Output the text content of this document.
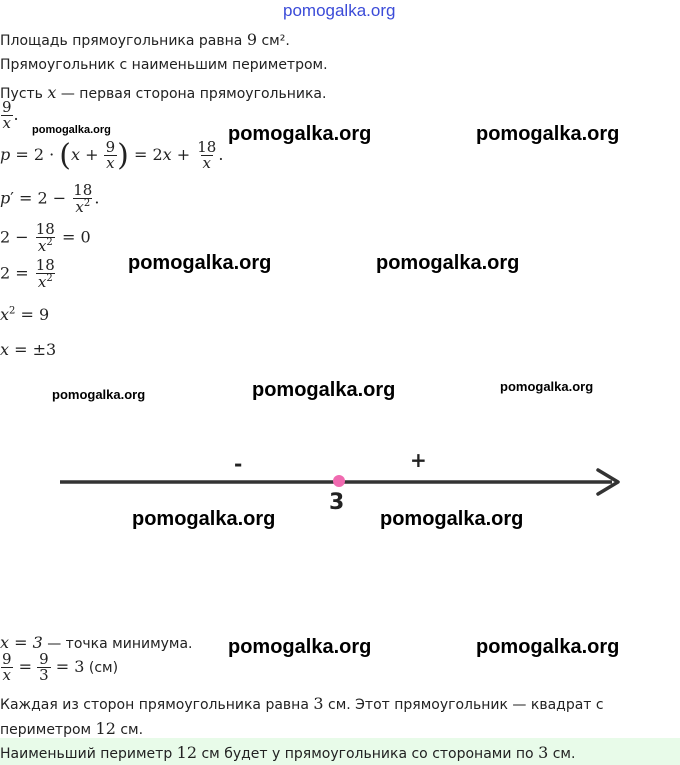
pomogalka.org
Площадь прямоугольника равна 9 см².
Прямоугольник с наименьшим периметром.
Пусть x — первая сторона прямоугольника.
$\frac{9}{x}$ .
pomogalka.org
$p = 2 \cdot (x + \frac{9}{x}$ ) = $2x + \frac{18}{x}$ .
$p' = 2 - \frac{18}{x^2}$ .
$2 - \frac{18}{x^2} = 0$
$2 = \frac{18}{x^2}$
$x^2 = 9$
x = ±3
pomogalka.org	pomogalka.org
pomogalka.org	pomogalka.org
pomogalka.org	pomogalka.org	pomogalka.org
pomogalka.org	pomogalka.org
pomogalka.org	pomogalka.org
-	+
3
x = 3 — точка минимума.
$\frac{9}{x} = \frac{9}{3} = 3$ (см)
Каждая из сторон прямоугольника равна 3 см. Этот прямоугольник — квадрат с
периметром 12 см.
Наименьший периметр 12 см будет у прямоугольника со сторонами по 3 см.
